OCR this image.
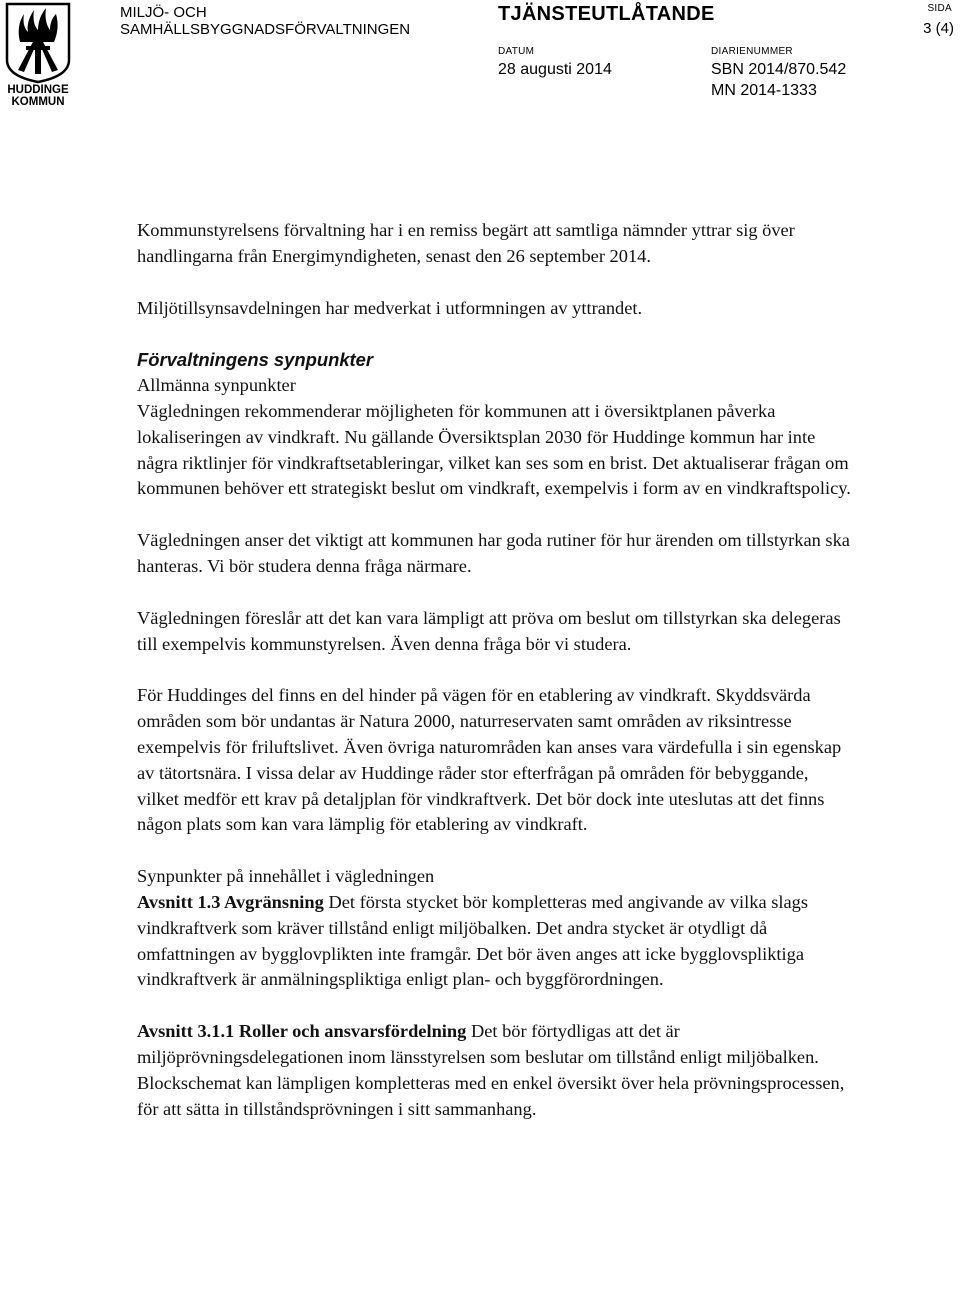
HUDDINGE
KOMMUN
MILJÖ- OCH
SAMHÄLLSBYGGNADSFÖRVALTNINGEN
TJÄNSTEUTLÅTANDE
DATUM
28 augusti 2014
DIARIENUMMER
SBN 2014/870.542
MN 2014-1333
SIDA
3 (4)

Kommunstyrelsens förvaltning har i en remiss begärt att samtliga nämnder yttrar sig över handlingarna från Energimyndigheten, senast den 26 september 2014.

Miljötillsynsavdelningen har medverkat i utformningen av yttrandet.

Förvaltningens synpunkter

Allmänna synpunkter

Vägledningen rekommenderar möjligheten för kommunen att i översiktplanen påverka lokaliseringen av vindkraft. Nu gällande Översiktsplan 2030 för Huddinge kommun har inte några riktlinjer för vindkraftsetableringar, vilket kan ses som en brist. Det aktualiserar frågan om kommunen behöver ett strategiskt beslut om vindkraft, exempelvis i form av en vindkraftspolicy.

Vägledningen anser det viktigt att kommunen har goda rutiner för hur ärenden om tillstyrkan ska hanteras. Vi bör studera denna fråga närmare.

Vägledningen föreslår att det kan vara lämpligt att pröva om beslut om tillstyrkan ska delegeras till exempelvis kommunstyrelsen. Även denna fråga bör vi studera.

För Huddinges del finns en del hinder på vägen för en etablering av vindkraft. Skyddsvärda områden som bör undantas är Natura 2000, naturreservaten samt områden av riksintresse exempelvis för friluftslivet. Även övriga naturområden kan anses vara värdefulla i sin egenskap av tätortsnära. I vissa delar av Huddinge råder stor efterfrågan på områden för bebyggande, vilket medför ett krav på detaljplan för vindkraftverk. Det bör dock inte uteslutas att det finns någon plats som kan vara lämplig för etablering av vindkraft.

Synpunkter på innehållet i vägledningen

Avsnitt 1.3 Avgränsning Det första stycket bör kompletteras med angivande av vilka slags vindkraftverk som kräver tillstånd enligt miljöbalken. Det andra stycket är otydligt då omfattningen av bygglovplikten inte framgår. Det bör även anges att icke bygglovspliktiga vindkraftverk är anmälningspliktiga enligt plan- och byggförordningen.

Avsnitt 3.1.1 Roller och ansvarsfördelning Det bör förtydligas att det är miljöprövningsdelegationen inom länsstyrelsen som beslutar om tillstånd enligt miljöbalken. Blockschemat kan lämpligen kompletteras med en enkel översikt över hela prövningsprocessen, för att sätta in tillståndsprövningen i sitt sammanhang.
